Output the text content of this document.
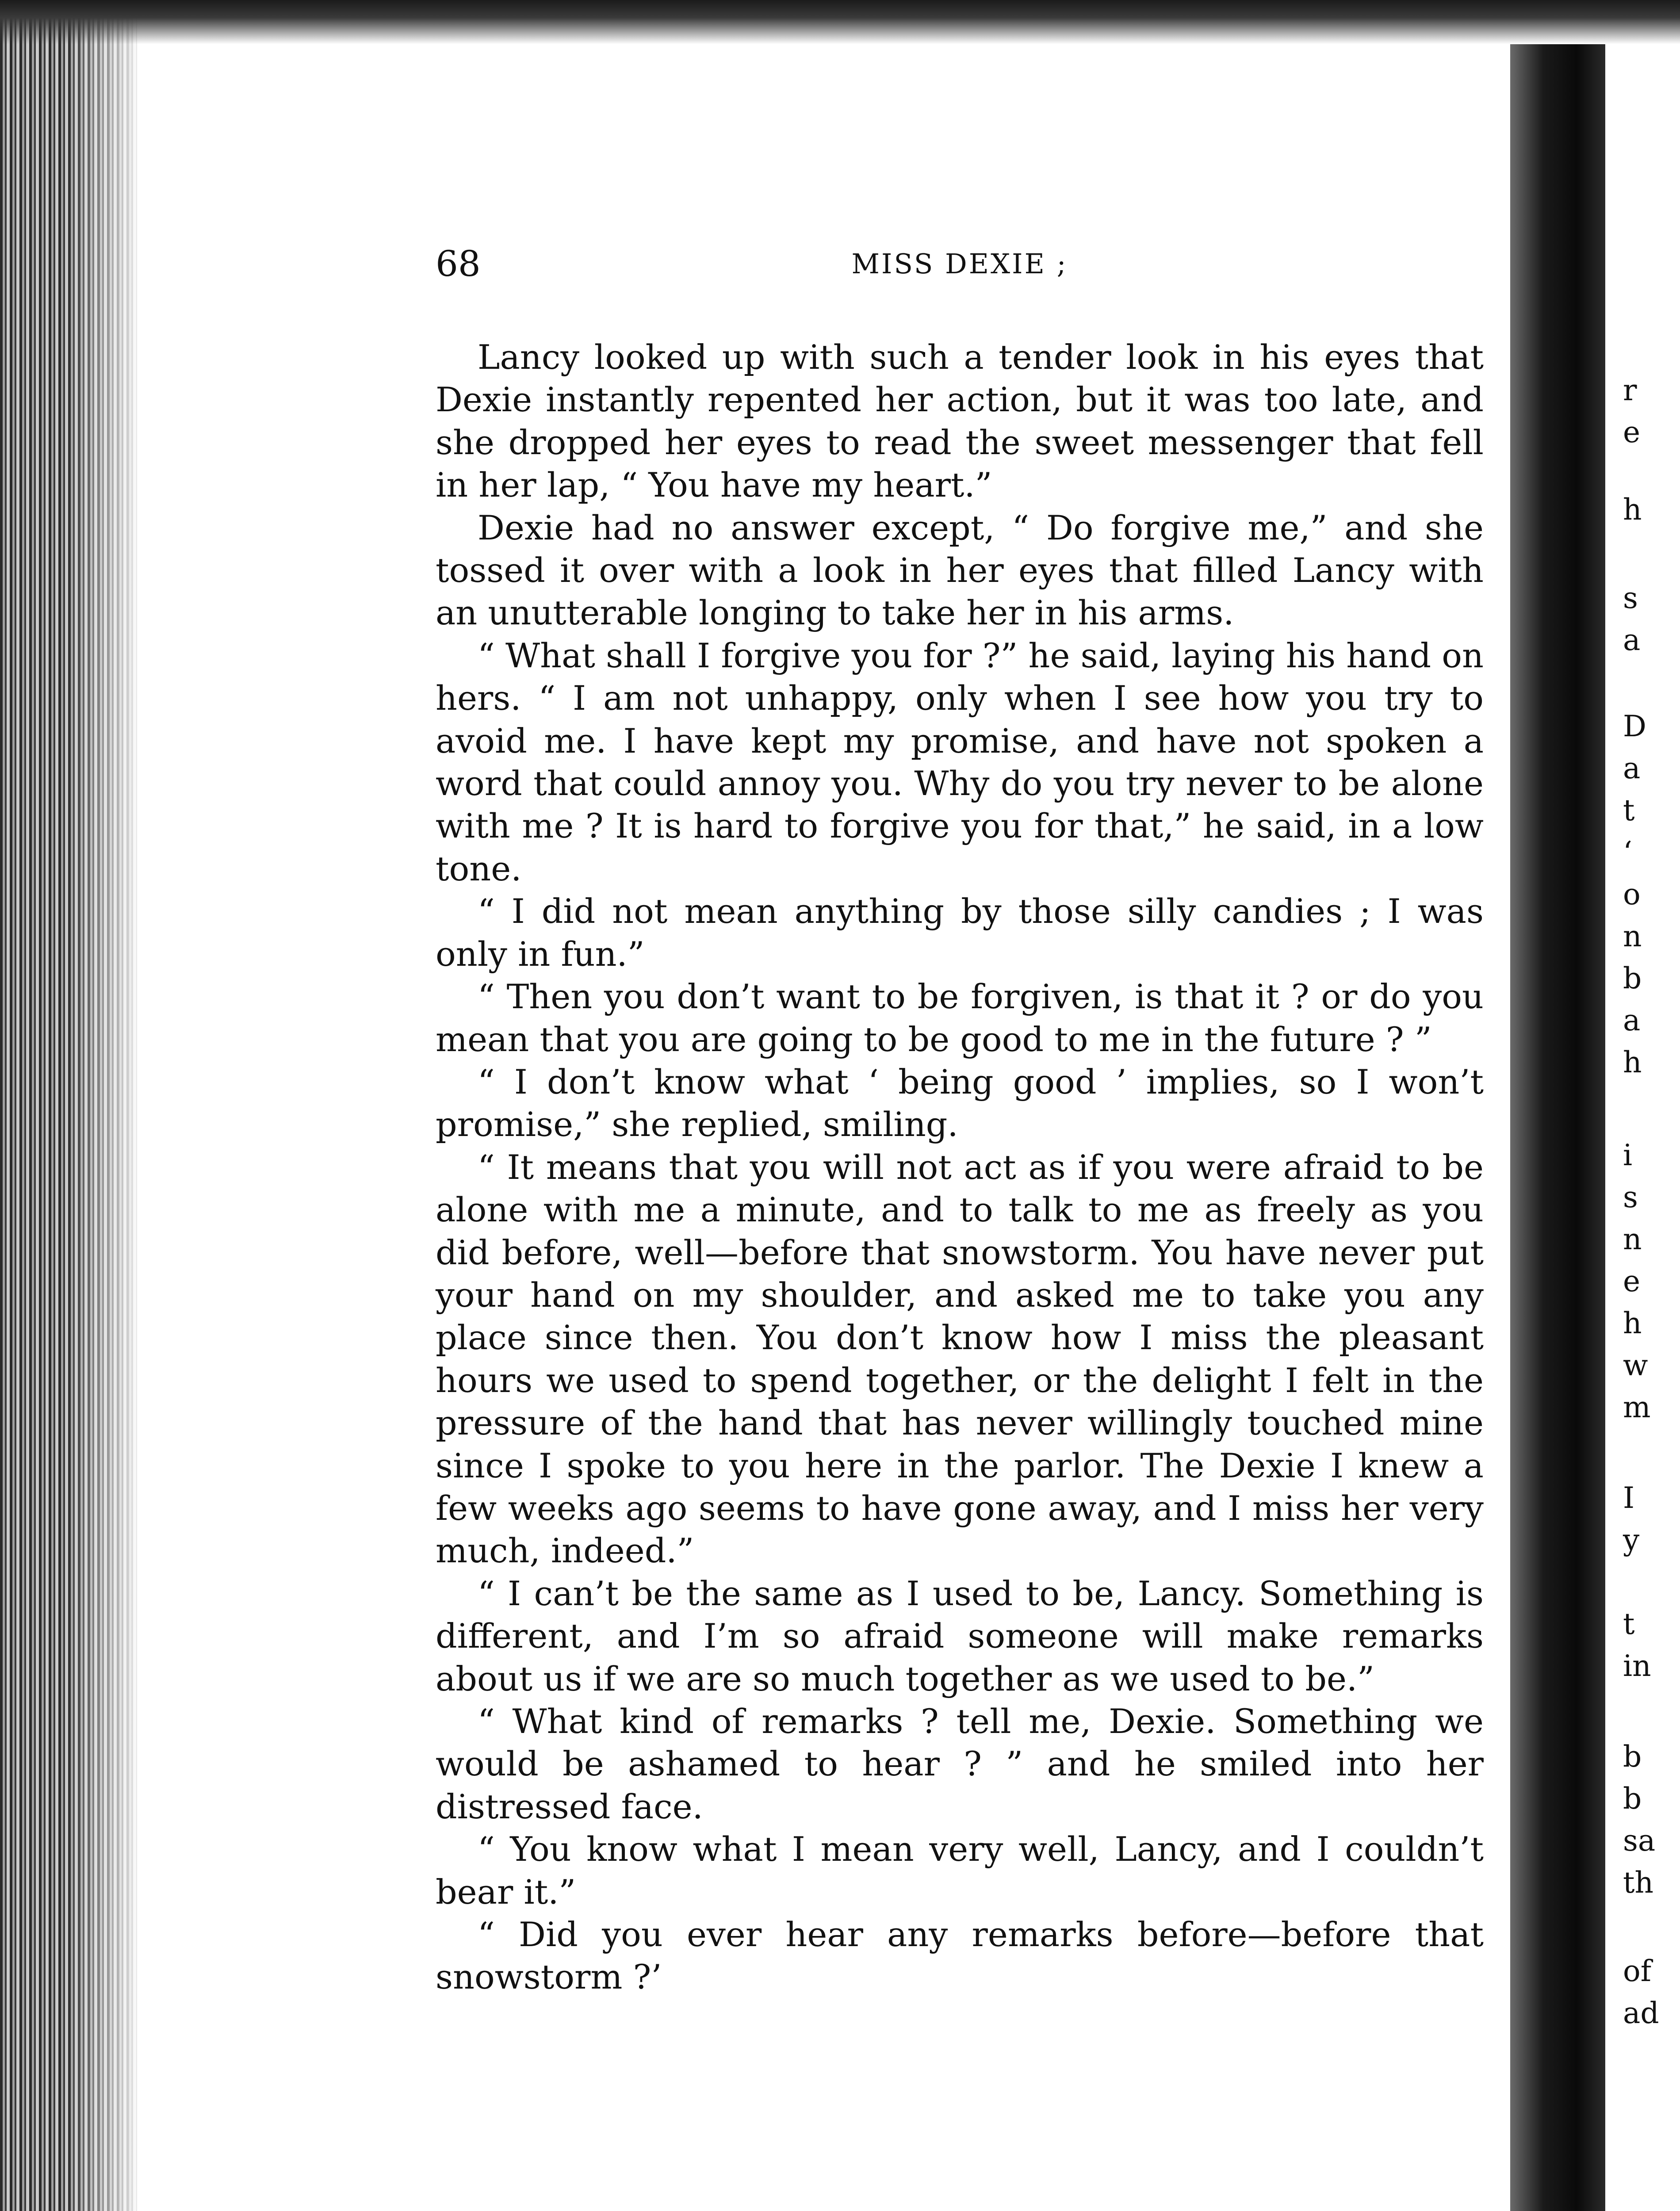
r
e
h
s
a
D
a
t
‘
o
n
b
a
h
i
s
n
e
h
w
m
I
y
t
in
b
b
sa
th
of
ad
68	MISS DEXIE ;

Lancy looked up with such a tender look in his eyes that Dexie instantly repented her action, but it was too late, and she dropped her eyes to read the sweet messenger that fell in her lap, “ You have my heart.”

Dexie had no answer except, “ Do forgive me,” and she tossed it over with a look in her eyes that filled Lancy with an unutterable longing to take her in his arms.

“ What shall I forgive you for ?” he said, laying his hand on hers. “ I am not unhappy, only when I see how you try to avoid me. I have kept my promise, and have not spoken a word that could annoy you. Why do you try never to be alone with me ? It is hard to forgive you for that,” he said, in a low tone.

“ I did not mean anything by those silly candies ; I was only in fun.”

“ Then you don’t want to be forgiven, is that it ? or do you mean that you are going to be good to me in the future ? ”

“ I don’t know what ‘ being good ’ implies, so I won’t promise,” she replied, smiling.

“ It means that you will not act as if you were afraid to be alone with me a minute, and to talk to me as freely as you did before, well—before that snowstorm. You have never put your hand on my shoulder, and asked me to take you any place since then. You don’t know how I miss the pleasant hours we used to spend together, or the delight I felt in the pressure of the hand that has never willingly touched mine since I spoke to you here in the parlor. The Dexie I knew a few weeks ago seems to have gone away, and I miss her very much, indeed.”

“ I can’t be the same as I used to be, Lancy. Something is different, and I’m so afraid someone will make remarks about us if we are so much together as we used to be.”

“ What kind of remarks ? tell me, Dexie. Something we would be ashamed to hear ? ” and he smiled into her distressed face.

“ You know what I mean very well, Lancy, and I couldn’t bear it.”

“ Did you ever hear any remarks before—before that snowstorm ?’
